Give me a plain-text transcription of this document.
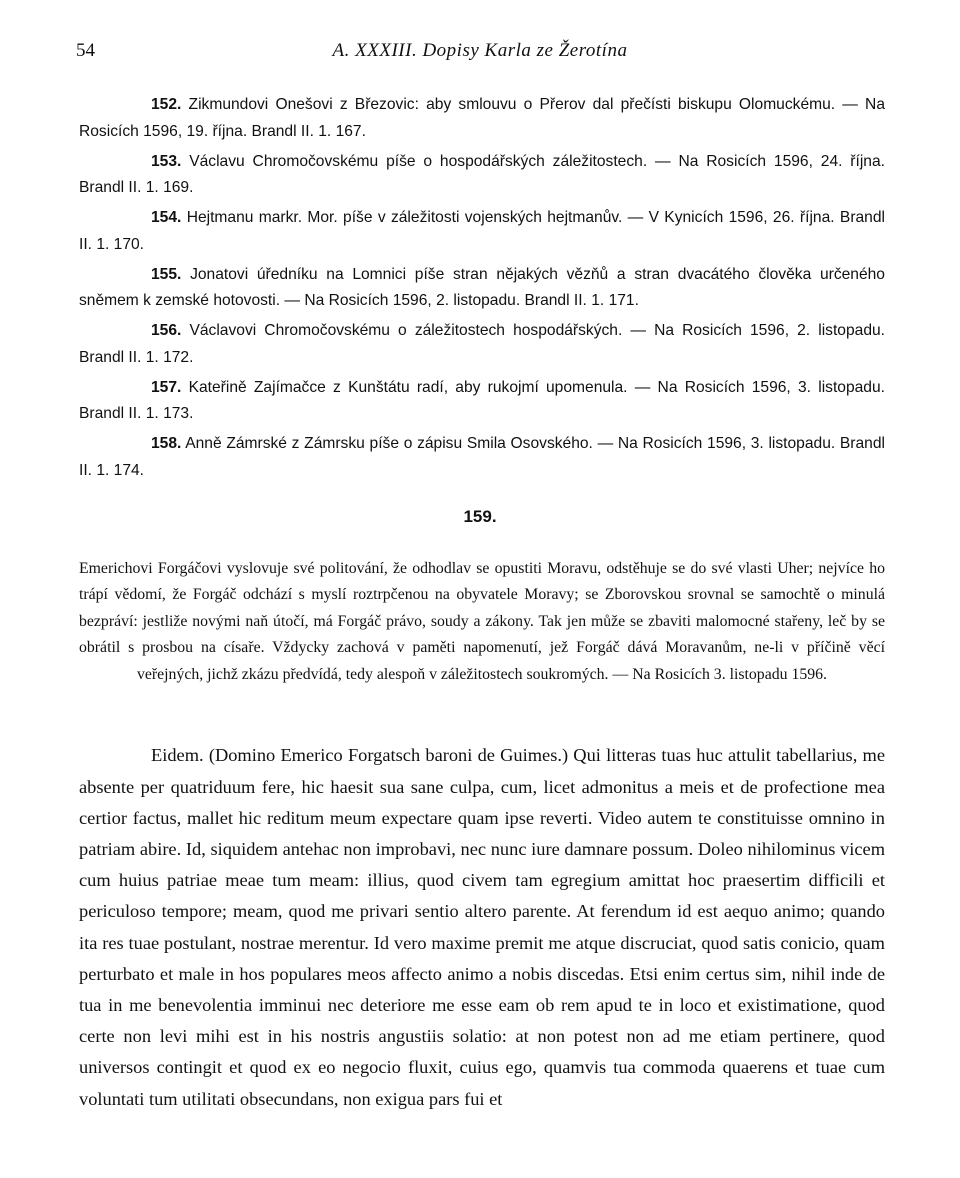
54	A. XXXIII. Dopisy Karla ze Žerotína

152. Zikmundovi Onešovi z Březovic: aby smlouvu o Přerov dal přečísti biskupu Olomuckému. — Na Rosicích 1596, 19. října. Brandl II. 1. 167.

153. Václavu Chromočovskému píše o hospodářských záležitostech. — Na Rosicích 1596, 24. října. Brandl II. 1. 169.

154. Hejtmanu markr. Mor. píše v záležitosti vojenských hejtmanův. — V Kynicích 1596, 26. října. Brandl II. 1. 170.

155. Jonatovi úředníku na Lomnici píše stran nějakých vězňů a stran dvacátého člověka určeného sněmem k zemské hotovosti. — Na Rosicích 1596, 2. listopadu. Brandl II. 1. 171.

156. Václavovi Chromočovskému o záležitostech hospodářských. — Na Rosicích 1596, 2. listopadu. Brandl II. 1. 172.

157. Kateřině Zajímačce z Kunštátu radí, aby rukojmí upomenula. — Na Rosicích 1596, 3. listopadu. Brandl II. 1. 173.

158. Anně Zámrské z Zámrsku píše o zápisu Smila Osovského. — Na Rosicích 1596, 3. listopadu. Brandl II. 1. 174.

159.

Emerichovi Forgáčovi vyslovuje své politování, že odhodlav se opustiti Moravu, odstěhuje se do své vlasti Uher; nejvíce ho trápí vědomí, že Forgáč odchází s myslí roztrpčenou na obyvatele Moravy; se Zborovskou srovnal se samochtě o minulá bezpráví: jestliže novými naň útočí, má Forgáč právo, soudy a zákony. Tak jen může se zbaviti malomocné stařeny, leč by se obrátil s prosbou na císaře. Vždycky zachová v paměti napomenutí, jež Forgáč dává Moravanům, ne-li v příčině věcí veřejných, jichž zkázu předvídá, tedy alespoň v záležitostech soukromých. — Na Rosicích 3. listopadu 1596.

Eidem. (Domino Emerico Forgatsch baroni de Guimes.) Qui litteras tuas huc attulit tabellarius, me absente per quatriduum fere, hic haesit sua sane culpa, cum, licet admonitus a meis et de profectione mea certior factus, mallet hic reditum meum expectare quam ipse reverti. Video autem te constituisse omnino in patriam abire. Id, siquidem antehac non improbavi, nec nunc iure damnare possum. Doleo nihilominus vicem cum huius patriae meae tum meam: illius, quod civem tam egregium amittat hoc praesertim difficili et periculoso tempore; meam, quod me privari sentio altero parente. At ferendum id est aequo animo; quando ita res tuae postulant, nostrae merentur. Id vero maxime premit me atque discruciat, quod satis conicio, quam perturbato et male in hos populares meos affecto animo a nobis discedas. Etsi enim certus sim, nihil inde de tua in me benevolentia imminui nec deteriore me esse eam ob rem apud te in loco et existimatione, quod certe non levi mihi est in his nostris angustiis solatio: at non potest non ad me etiam pertinere, quod universos contingit et quod ex eo negocio fluxit, cuius ego, quamvis tua commoda quaerens et tuae cum voluntati tum utilitati obsecundans, non exigua pars fui et
